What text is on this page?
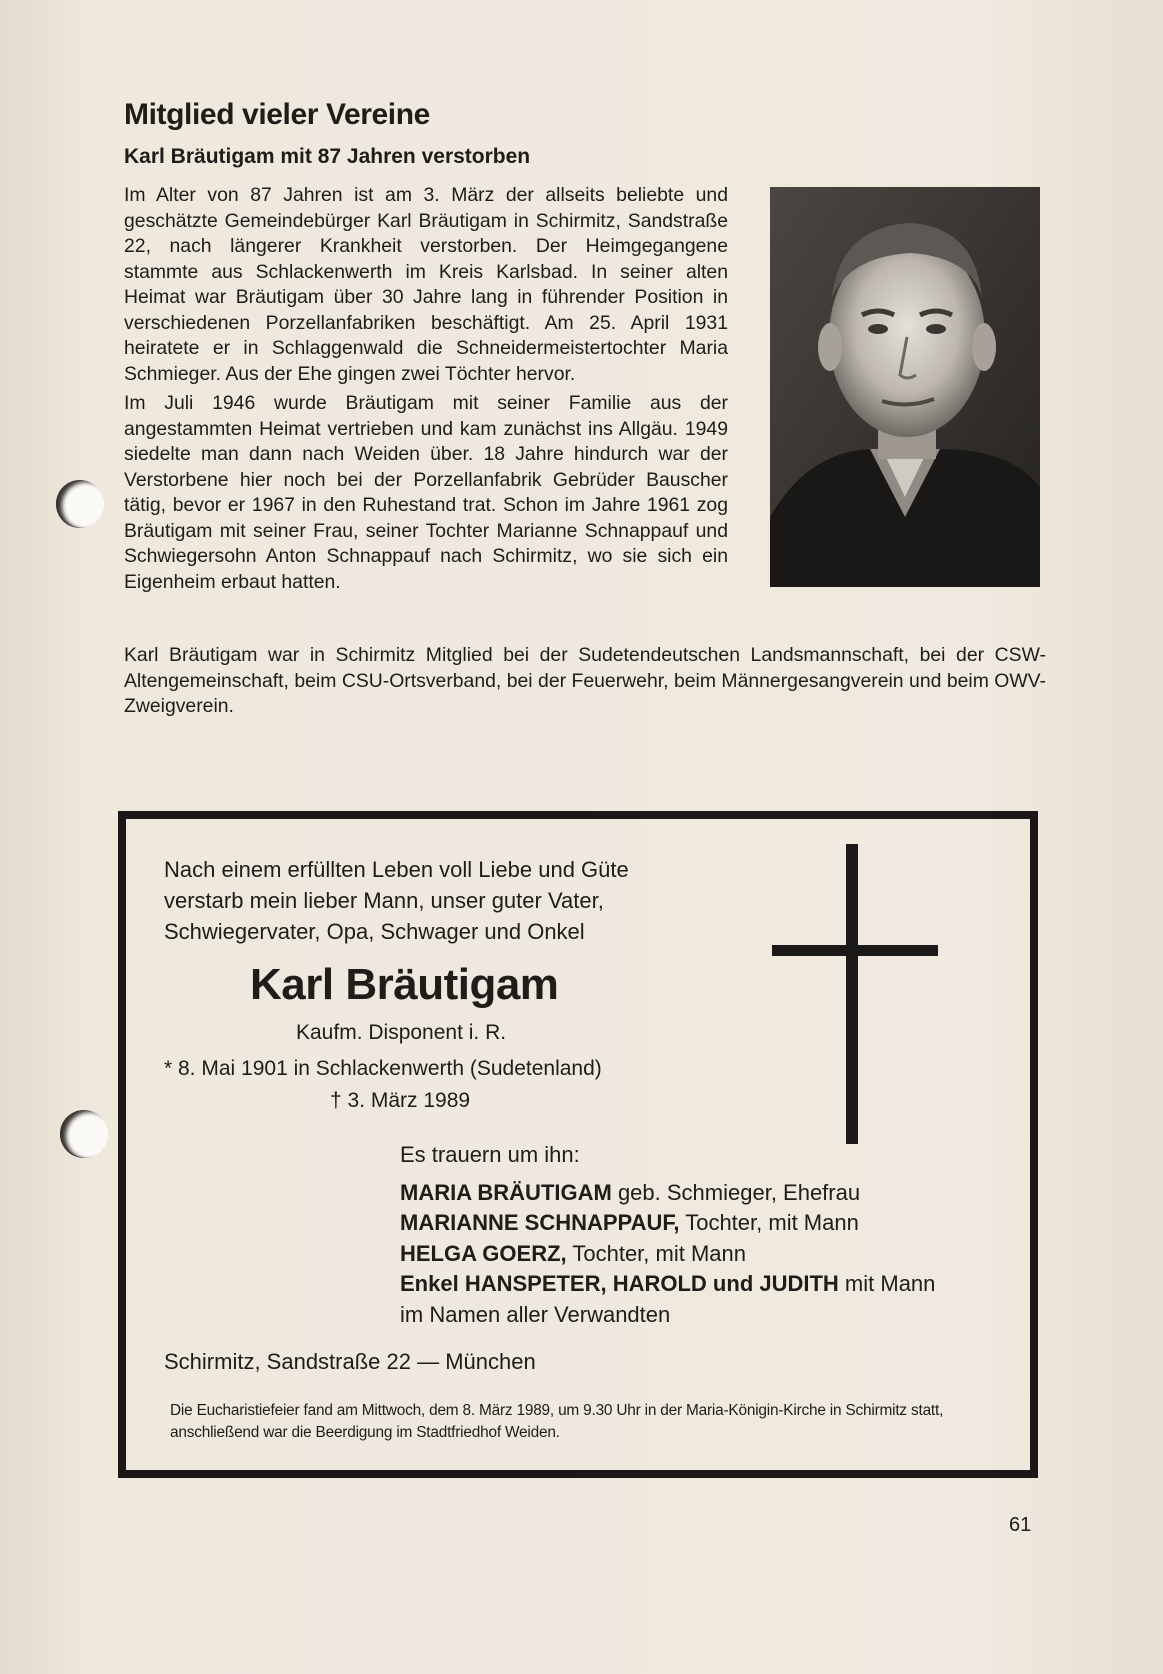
Mitglied vieler Vereine
Karl Bräutigam mit 87 Jahren verstorben

Im Alter von 87 Jahren ist am 3. März der allseits beliebte und geschätzte Gemeindebürger Karl Bräutigam in Schirmitz, Sandstraße 22, nach längerer Krankheit verstorben. Der Heimgegangene stammte aus Schlackenwerth im Kreis Karlsbad. In seiner alten Heimat war Bräutigam über 30 Jahre lang in führender Position in verschiedenen Porzellanfabriken beschäftigt. Am 25. April 1931 heiratete er in Schlaggenwald die Schneidermeistertochter Maria Schmieger. Aus der Ehe gingen zwei Töchter hervor.

Im Juli 1946 wurde Bräutigam mit seiner Familie aus der angestammten Heimat vertrieben und kam zunächst ins Allgäu. 1949 siedelte man dann nach Weiden über. 18 Jahre hindurch war der Verstorbene hier noch bei der Porzellanfabrik Gebrüder Bauscher tätig, bevor er 1967 in den Ruhestand trat. Schon im Jahre 1961 zog Bräutigam mit seiner Frau, seiner Tochter Marianne Schnappauf und Schwiegersohn Anton Schnappauf nach Schirmitz, wo sie sich ein Eigenheim erbaut hatten.

Karl Bräutigam war in Schirmitz Mitglied bei der Sudetendeutschen Landsmannschaft, bei der CSW-Altengemeinschaft, beim CSU-Ortsverband, bei der Feuerwehr, beim Männergesangverein und beim OWV-Zweigverein.

Nach einem erfüllten Leben voll Liebe und Güte
verstarb mein lieber Mann, unser guter Vater,
Schwiegervater, Opa, Schwager und Onkel

Karl Bräutigam

Kaufm. Disponent i. R.

* 8. Mai 1901 in Schlackenwerth (Sudetenland)

† 3. März 1989

Es trauern um ihn:
MARIA BRÄUTIGAM geb. Schmieger, Ehefrau
MARIANNE SCHNAPPAUF, Tochter, mit Mann
HELGA GOERZ, Tochter, mit Mann
Enkel HANSPETER, HAROLD und JUDITH mit Mann
im Namen aller Verwandten

Schirmitz, Sandstraße 22 — München

Die Eucharistiefeier fand am Mittwoch, dem 8. März 1989, um 9.30 Uhr in der Maria-Königin-Kirche in Schirmitz statt, anschließend war die Beerdigung im Stadtfriedhof Weiden.

61
